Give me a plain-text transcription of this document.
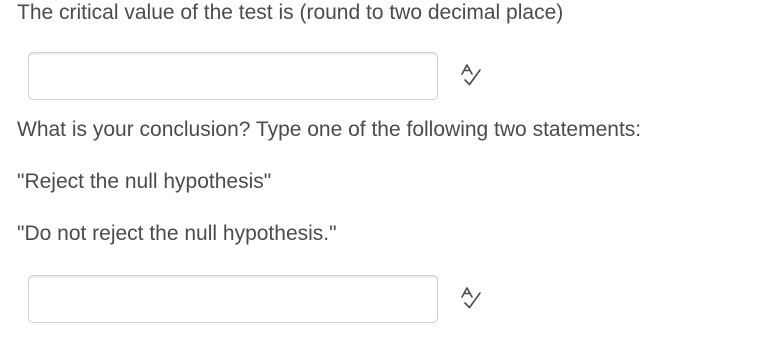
The critical value of the test is (round to two decimal place)
What is your conclusion? Type one of the following two statements:
"Reject the null hypothesis"
"Do not reject the null hypothesis."
